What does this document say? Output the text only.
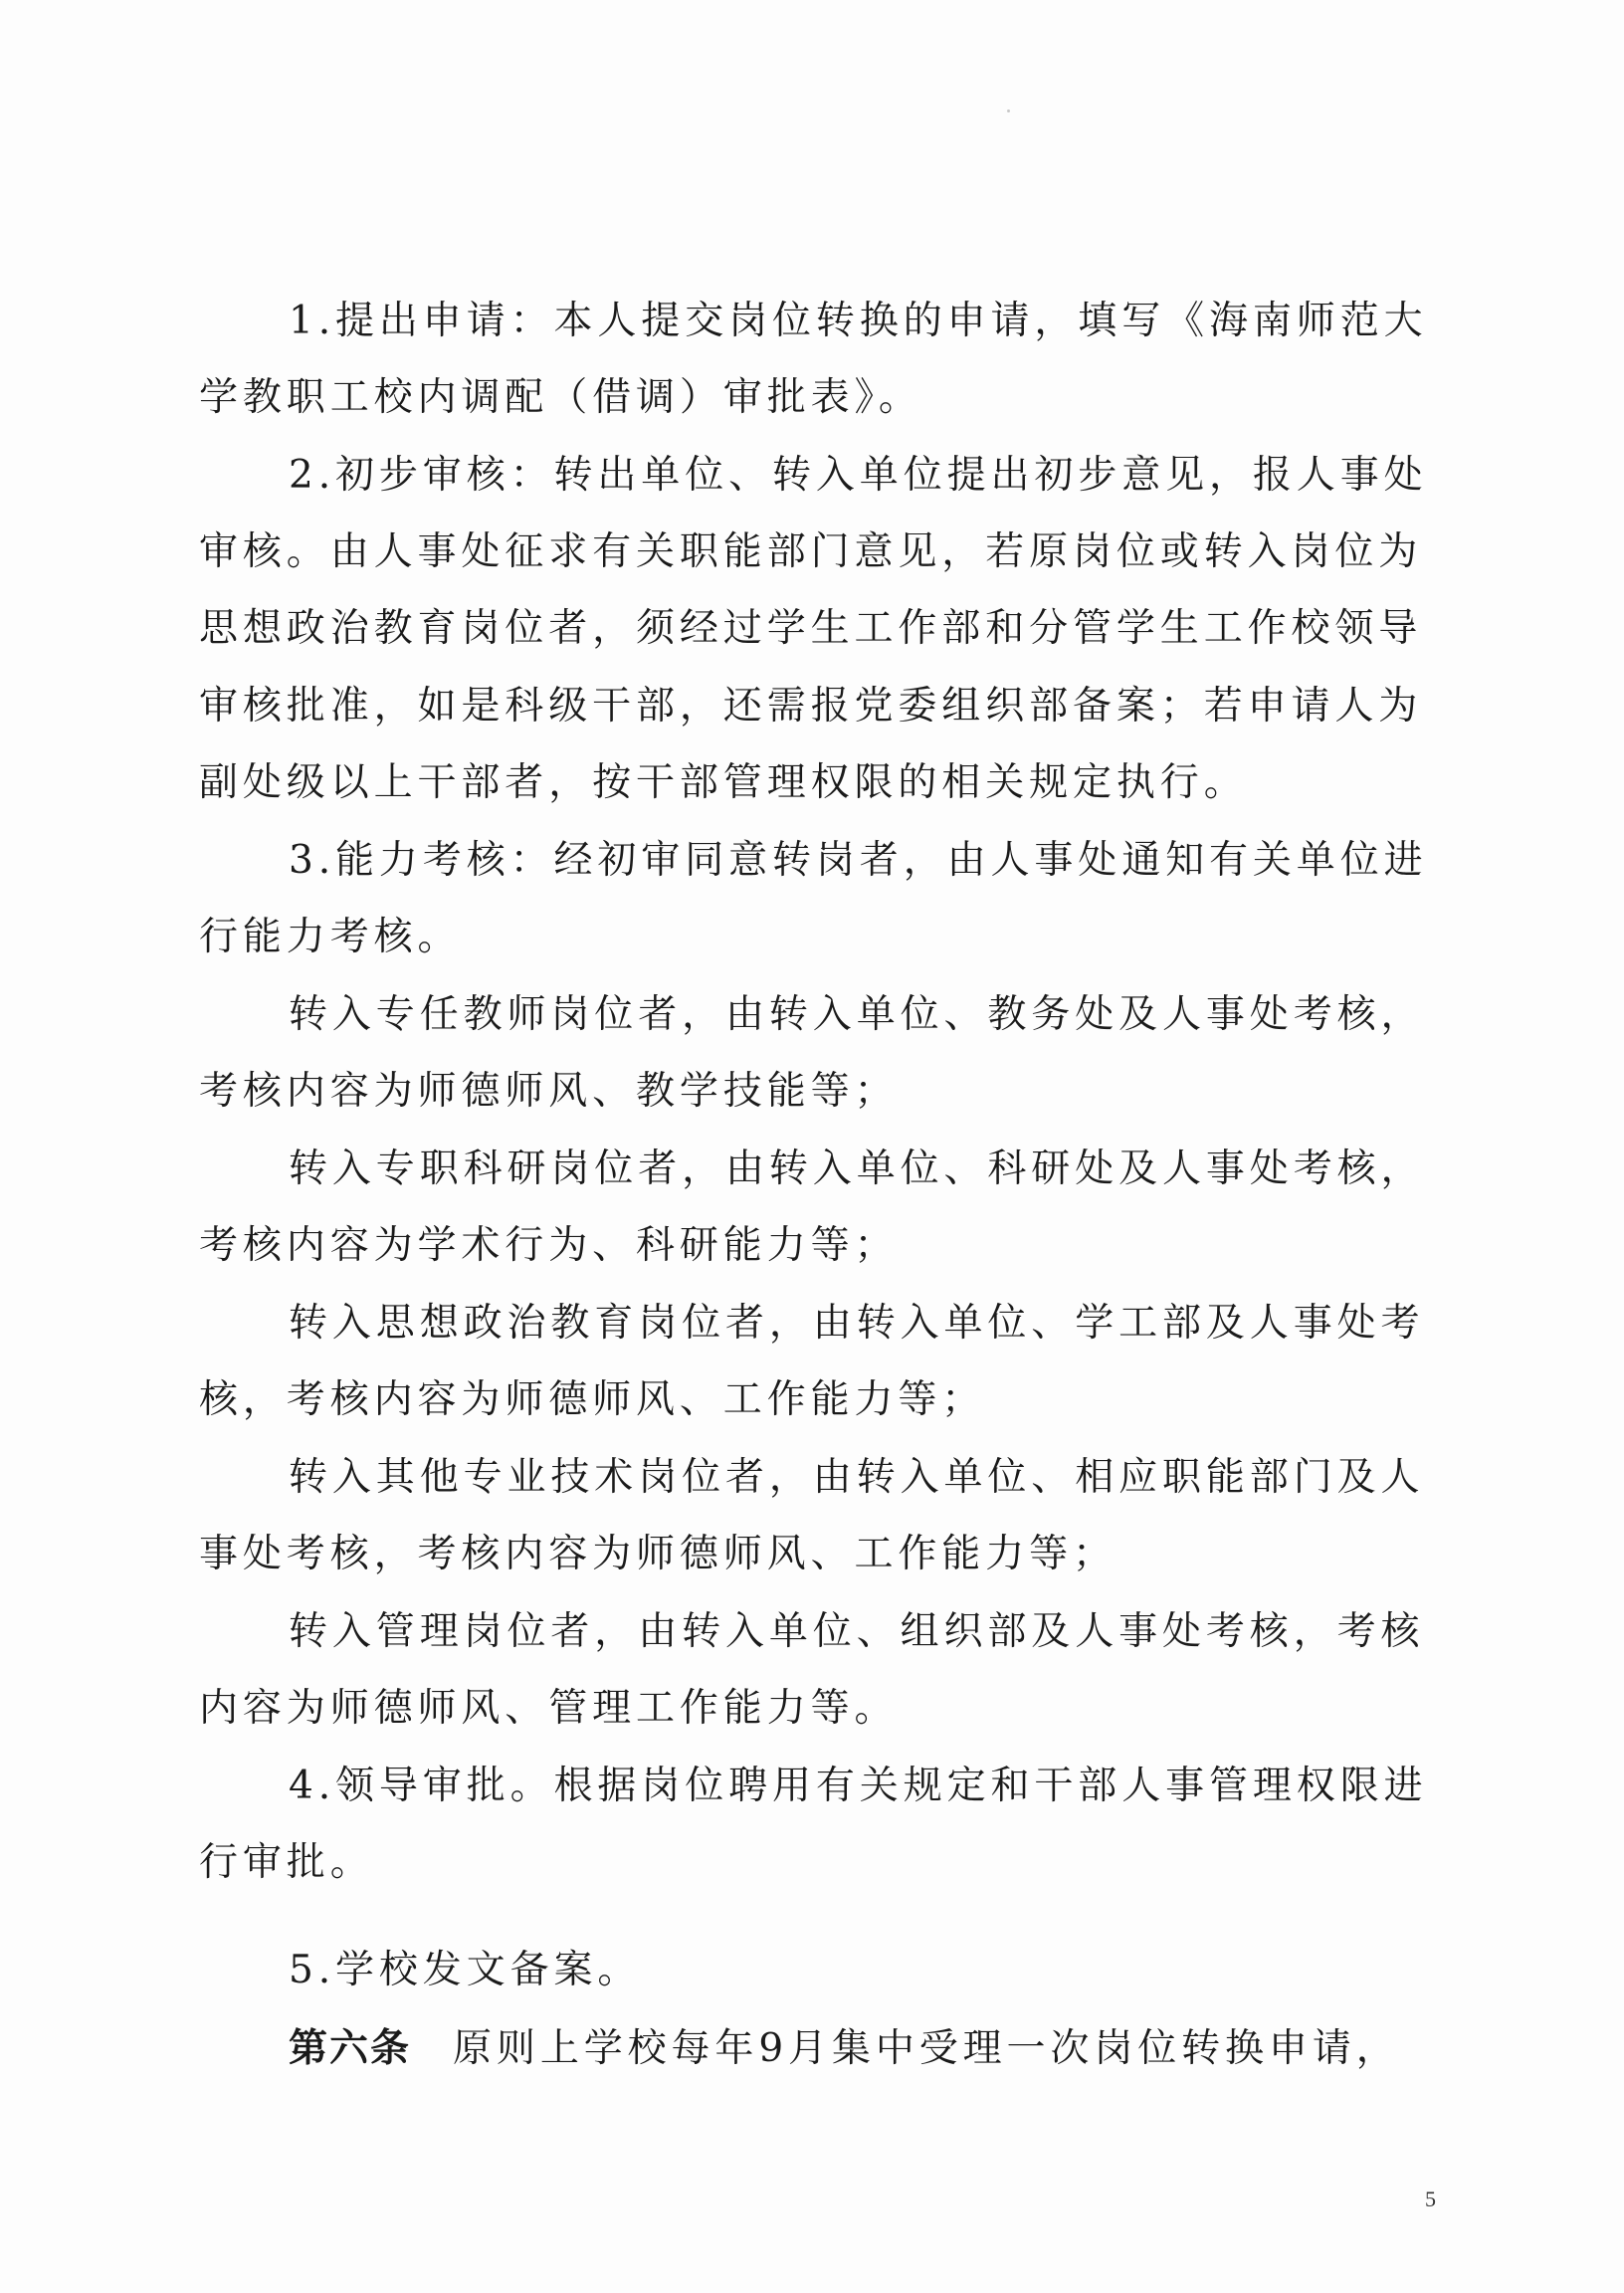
1.提出申请：本人提交岗位转换的申请，填写《海南师范大
学教职工校内调配（借调）审批表》。
2.初步审核：转出单位、转入单位提出初步意见，报人事处
审核。由人事处征求有关职能部门意见，若原岗位或转入岗位为
思想政治教育岗位者，须经过学生工作部和分管学生工作校领导
审核批准，如是科级干部，还需报党委组织部备案；若申请人为
副处级以上干部者，按干部管理权限的相关规定执行。
3.能力考核：经初审同意转岗者，由人事处通知有关单位进
行能力考核。
转入专任教师岗位者，由转入单位、教务处及人事处考核，
考核内容为师德师风、教学技能等；
转入专职科研岗位者，由转入单位、科研处及人事处考核，
考核内容为学术行为、科研能力等；
转入思想政治教育岗位者，由转入单位、学工部及人事处考
核，考核内容为师德师风、工作能力等；
转入其他专业技术岗位者，由转入单位、相应职能部门及人
事处考核，考核内容为师德师风、工作能力等；
转入管理岗位者，由转入单位、组织部及人事处考核，考核
内容为师德师风、管理工作能力等。
4.领导审批。根据岗位聘用有关规定和干部人事管理权限进
行审批。
5.学校发文备案。
第六条 原则上学校每年9月集中受理一次岗位转换申请，
5
